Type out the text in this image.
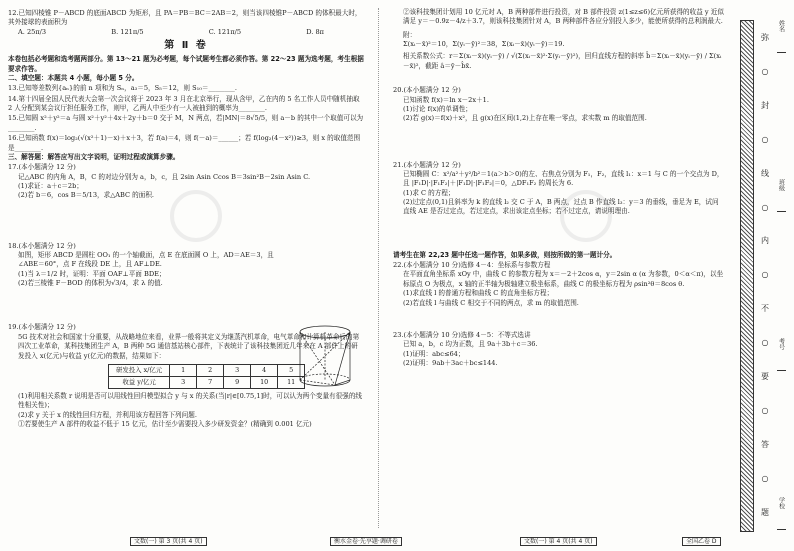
12.已知四棱锥 P－ABCD 的底面ABCD 为矩形，且 PA＝PB＝BC＝2AB＝2，则当该四棱锥P－ABCD 的体积最大时，其外接球的表面积为

A. 25π/3	B. 121π/5	C. 121π/5	D. 8π
第 Ⅱ 卷

本卷包括必考题和选考题两部分。第 13～21 题为必考题，每个试题考生都必须作答。第 22～23 题为选考题，考生根据要求作答。

二、填空题：本题共 4 小题，每小题 5 分。

13.已知等差数列{aₙ}的前 n 项和为 Sₙ，a₃＝5，S₅＝12，则 S₁₀＝________.

14.第十四届全国人民代表大会第一次会议将于 2023 年 3 月在北京举行，现从含甲，乙在内的 5 名工作人员中随机抽取 2 人分配到某会议厅担任服务工作，则甲，乙两人中至少有一人被抽到的概率为________.

15.已知圆 x²＋y²＝a 与圆 x²＋y²＋4x＋2y＋b＝0 交于 M，N 两点，若|MN|＝8√5/5，则 a－b 的其中一个取值可以为________.

16.已知函数 f(x)＝log₂(√(x²＋1)－x)＋x＋3，若 f(a)＝4，则 f(－a)＝______；若 f(log₂(4－x²))≥3，则 x 的取值范围是________.

三、解答题：解答应写出文字说明，证明过程或演算步骤。

17.(本小题满分 12 分)

记△ABC 的内角 A，B，C 的对边分别为 a，b，c，且 2sin Asin Ccos B＝3sin²B－2sin Asin C.

(1)求证：a＋c＝2b；

(2)若 b＝6，cos B＝5/13，求△ABC 的面积.

18.(本小题满分 12 分)

如图，矩形 ABCD 是圆柱 OO₁ 的一个轴截面，点 E 在底面圆 O 上，AD＝AE＝3，且∠ABE＝60°，点 F 在线段 DE 上，且 AF⊥DE.

(1)当 λ＝1/2 时，证明：平面 OAF⊥平面 BDE；

(2)若三棱锥 F－BOD 的体积为√3/4，求 λ 的值.

19.(本小题满分 12 分)

5G 技术对社会和国家十分重要，从战略地位来看，业界一般将其定义为继蒸汽机革命，电气革命和计算机革命后的第四次工业革命，某科技集团生产 A，B 两种 5G 通信基站核心部件，下表统计了该科技集团近几年来在 A 部件上的研发投入 x(亿元)与收益 y(亿元)的数据，结果如下：

研发投入 x/亿元	1	2	3	4	5
收益 y/亿元	3	7	9	10	11

(1)利用相关系数 r 说明是否可以用线性回归模型拟合 y 与 x 的关系(当|r|∈[0.75,1]时，可以认为两个变量有很强的线性相关性)；

(2)求 y 关于 x 的线性回归方程，并利用该方程回答下列问题.

①若要使生产 A 部件的收益不低于 15 亿元，估计至少需要投入多少研发资金？(精确到 0.001 亿元)

②该科技集团计划用 10 亿元对 A，B 两种部件进行投资，对 B 部件投资 z(1≤z≤6)亿元所获得的收益 y 近似满足 y＝－0.9z－4/z＋3.7，则该科技集团针对 A，B 两种部件各应分别投入多少，能使所获得的总利润最大.

附：

Σ(xᵢ－x̄)²＝10，Σ(yᵢ－ȳ)²＝38，Σ(xᵢ－x̄)(yᵢ－ȳ)＝19.

相关系数公式：r＝Σ(xᵢ－x̄)(yᵢ－ȳ) / √(Σ(xᵢ－x̄)²·Σ(yᵢ－ȳ)²)，回归直线方程的斜率 b̂＝Σ(xᵢ－x̄)(yᵢ－ȳ) / Σ(xᵢ－x̄)²，截距 â＝ȳ－b̂x̄.

20.(本小题满分 12 分)

已知函数 f(x)＝ln x－2x＋1.

(1)讨论 f(x)的单调性；

(2)若 g(x)＝f(x)＋x²，且 g(x)在区间(1,2)上存在唯一零点，求实数 m 的取值范围.

21.(本小题满分 12 分)

已知椭圆 C：x²/a²＋y²/b²＝1(a＞b＞0)的左、右焦点分别为 F₁，F₂，直线 l₁：x＝1 与 C 的一个交点为 D，且 |F₁D|·|F₁F₂|＋|F₁D|·|F₁F₂|＝0，△DF₁F₂ 的周长为 6.

(1)求 C 的方程；

(2)过定点(0,1)且斜率为 k 的直线 l₂ 交 C 于 A，B 两点，过点 B 作直线 l₃：y＝3 的垂线，垂足为 E，试问直线 AE 是否过定点，若过定点，求出该定点坐标；若不过定点，请说明理由.

请考生在第 22,23 题中任选一题作答，如果多做，则按所做的第一题计分。

22.(本小题满分 10 分)选修 4－4：坐标系与参数方程

在平面直角坐标系 xOy 中，曲线 C 的参数方程为 x＝－2＋2cos α，y＝2sin α (α 为参数，0＜α＜π)，以坐标原点 O 为极点，x 轴的正半轴为极轴建立极坐标系，曲线 C 的极坐标方程为 ρsin²θ＝8cos θ.

(1)求直线 l 的普通方程和曲线 C 的直角坐标方程；

(2)若直线 l 与曲线 C 相交于不同的两点，求 m 的取值范围.

23.(本小题满分 10 分)选修 4－5：不等式选讲

已知 a，b，c 均为正数，且 9a＋3b＋c＝36.

(1)证明：abc≤64；

(2)证明：9ab＋3ac＋bc≤144.

文数(一) 第 3 页(共 4 页)	衡水金卷·先享题·调研卷	文数(一) 第 4 页(共 4 页)	全国乙卷 D
弥
○
封
○
线
○
内
○
不
○
要
○
答
○
题
姓名
班级
考号
学校
